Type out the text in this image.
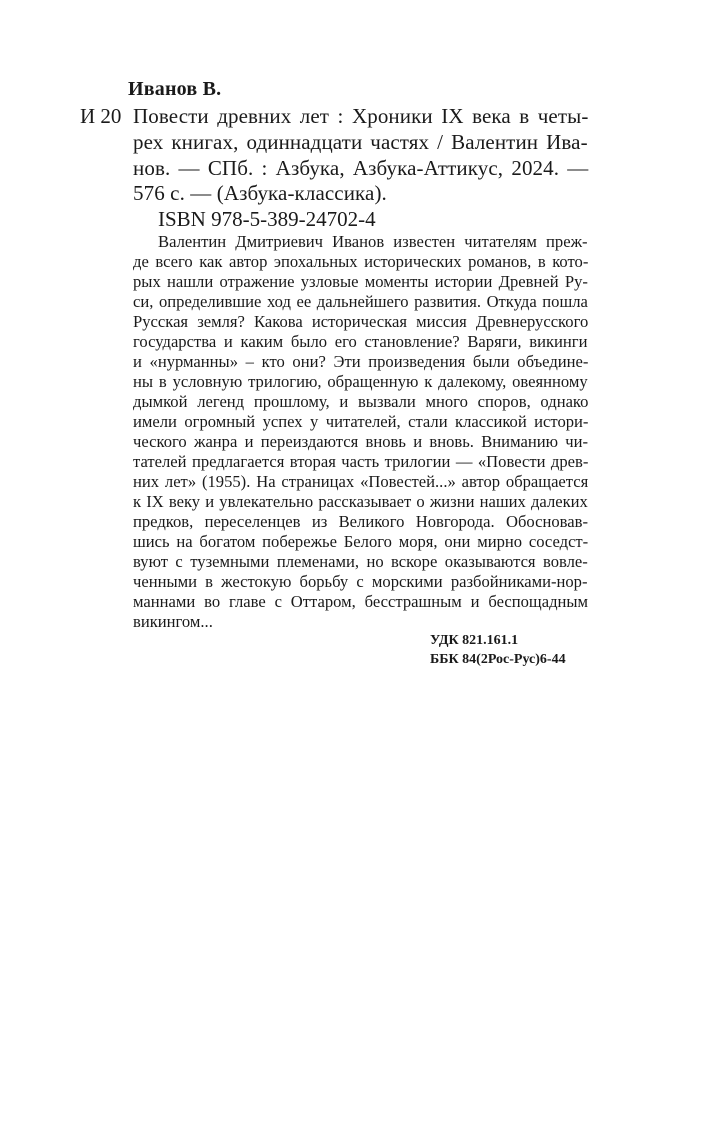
Иванов В.
И 20 Повести древних лет : Хроники IX века в четы-
рех книгах, одиннадцати частях / Валентин Ива-
нов. — СПб. : Азбука, Азбука-Аттикус, 2024. —
576 с. — (Азбука-классика).
ISBN 978-5-389-24702-4
Валентин Дмитриевич Иванов известен читателям преж-
де всего как автор эпохальных исторических романов, в кото-
рых нашли отражение узловые моменты истории Древней Ру-
си, определившие ход ее дальнейшего развития. Откуда пошла
Русская земля? Какова историческая миссия Древнерусского
государства и каким было его становление? Варяги, викинги
и «нурманны» – кто они? Эти произведения были объедине-
ны в условную трилогию, обращенную к далекому, овеянному
дымкой легенд прошлому, и вызвали много споров, однако
имели огромный успех у читателей, стали классикой истори-
ческого жанра и переиздаются вновь и вновь. Вниманию чи-
тателей предлагается вторая часть трилогии — «Повести древ-
них лет» (1955). На страницах «Повестей...» автор обращается
к IX веку и увлекательно рассказывает о жизни наших далеких
предков, переселенцев из Великого Новгорода. Обосновав-
шись на богатом побережье Белого моря, они мирно соседст-
вуют с туземными племенами, но вскоре оказываются вовле-
ченными в жестокую борьбу с морскими разбойниками-нор-
маннами во главе с Оттаром, бесстрашным и беспощадным
викингом...
УДК 821.161.1
ББК 84(2Рос-Рус)6-44
